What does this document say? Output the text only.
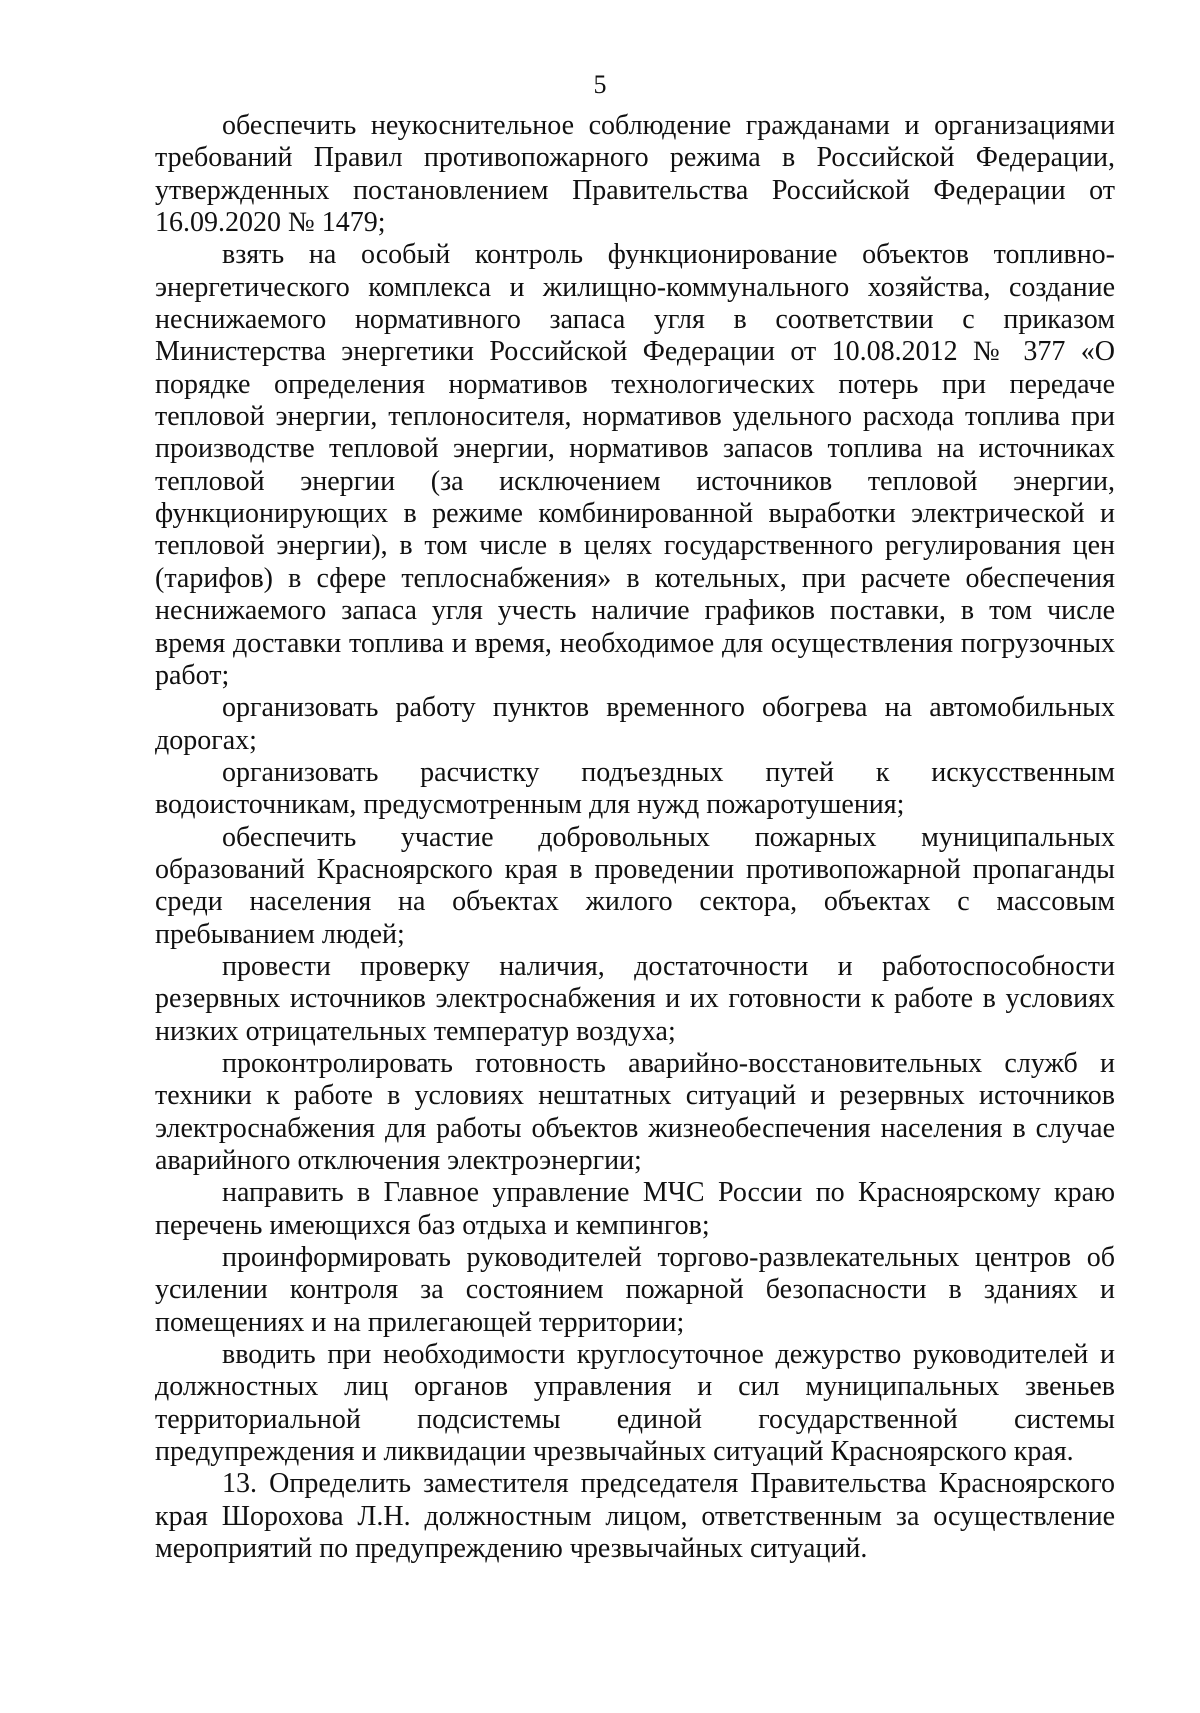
5

обеспечить неукоснительное соблюдение гражданами и организациями требований Правил противопожарного режима в Российской Федерации, утвержденных постановлением Правительства Российской Федерации от 16.09.2020 № 1479;

взять на особый контроль функционирование объектов топливно-энергетического комплекса и жилищно-коммунального хозяйства, создание неснижаемого нормативного запаса угля в соответствии с приказом Министерства энергетики Российской Федерации от 10.08.2012 № 377 «О порядке определения нормативов технологических потерь при передаче тепловой энергии, теплоносителя, нормативов удельного расхода топлива при производстве тепловой энергии, нормативов запасов топлива на источниках тепловой энергии (за исключением источников тепловой энергии, функционирующих в режиме комбинированной выработки электрической и тепловой энергии), в том числе в целях государственного регулирования цен (тарифов) в сфере теплоснабжения» в котельных, при расчете обеспечения неснижаемого запаса угля учесть наличие графиков поставки, в том числе время доставки топлива и время, необходимое для осуществления погрузочных работ;

организовать работу пунктов временного обогрева на автомобильных дорогах;

организовать расчистку подъездных путей к искусственным водоисточникам, предусмотренным для нужд пожаротушения;

обеспечить участие добровольных пожарных муниципальных образований Красноярского края в проведении противопожарной пропаганды среди населения на объектах жилого сектора, объектах с массовым пребыванием людей;

провести проверку наличия, достаточности и работоспособности резервных источников электроснабжения и их готовности к работе в условиях низких отрицательных температур воздуха;

проконтролировать готовность аварийно-восстановительных служб и техники к работе в условиях нештатных ситуаций и резервных источников электроснабжения для работы объектов жизнеобеспечения населения в случае аварийного отключения электроэнергии;

направить в Главное управление МЧС России по Красноярскому краю перечень имеющихся баз отдыха и кемпингов;

проинформировать руководителей торгово-развлекательных центров об усилении контроля за состоянием пожарной безопасности в зданиях и помещениях и на прилегающей территории;

вводить при необходимости круглосуточное дежурство руководителей и должностных лиц органов управления и сил муниципальных звеньев территориальной подсистемы единой государственной системы предупреждения и ликвидации чрезвычайных ситуаций Красноярского края.

13. Определить заместителя председателя Правительства Красноярского края Шорохова Л.Н. должностным лицом, ответственным за осуществление мероприятий по предупреждению чрезвычайных ситуаций.
